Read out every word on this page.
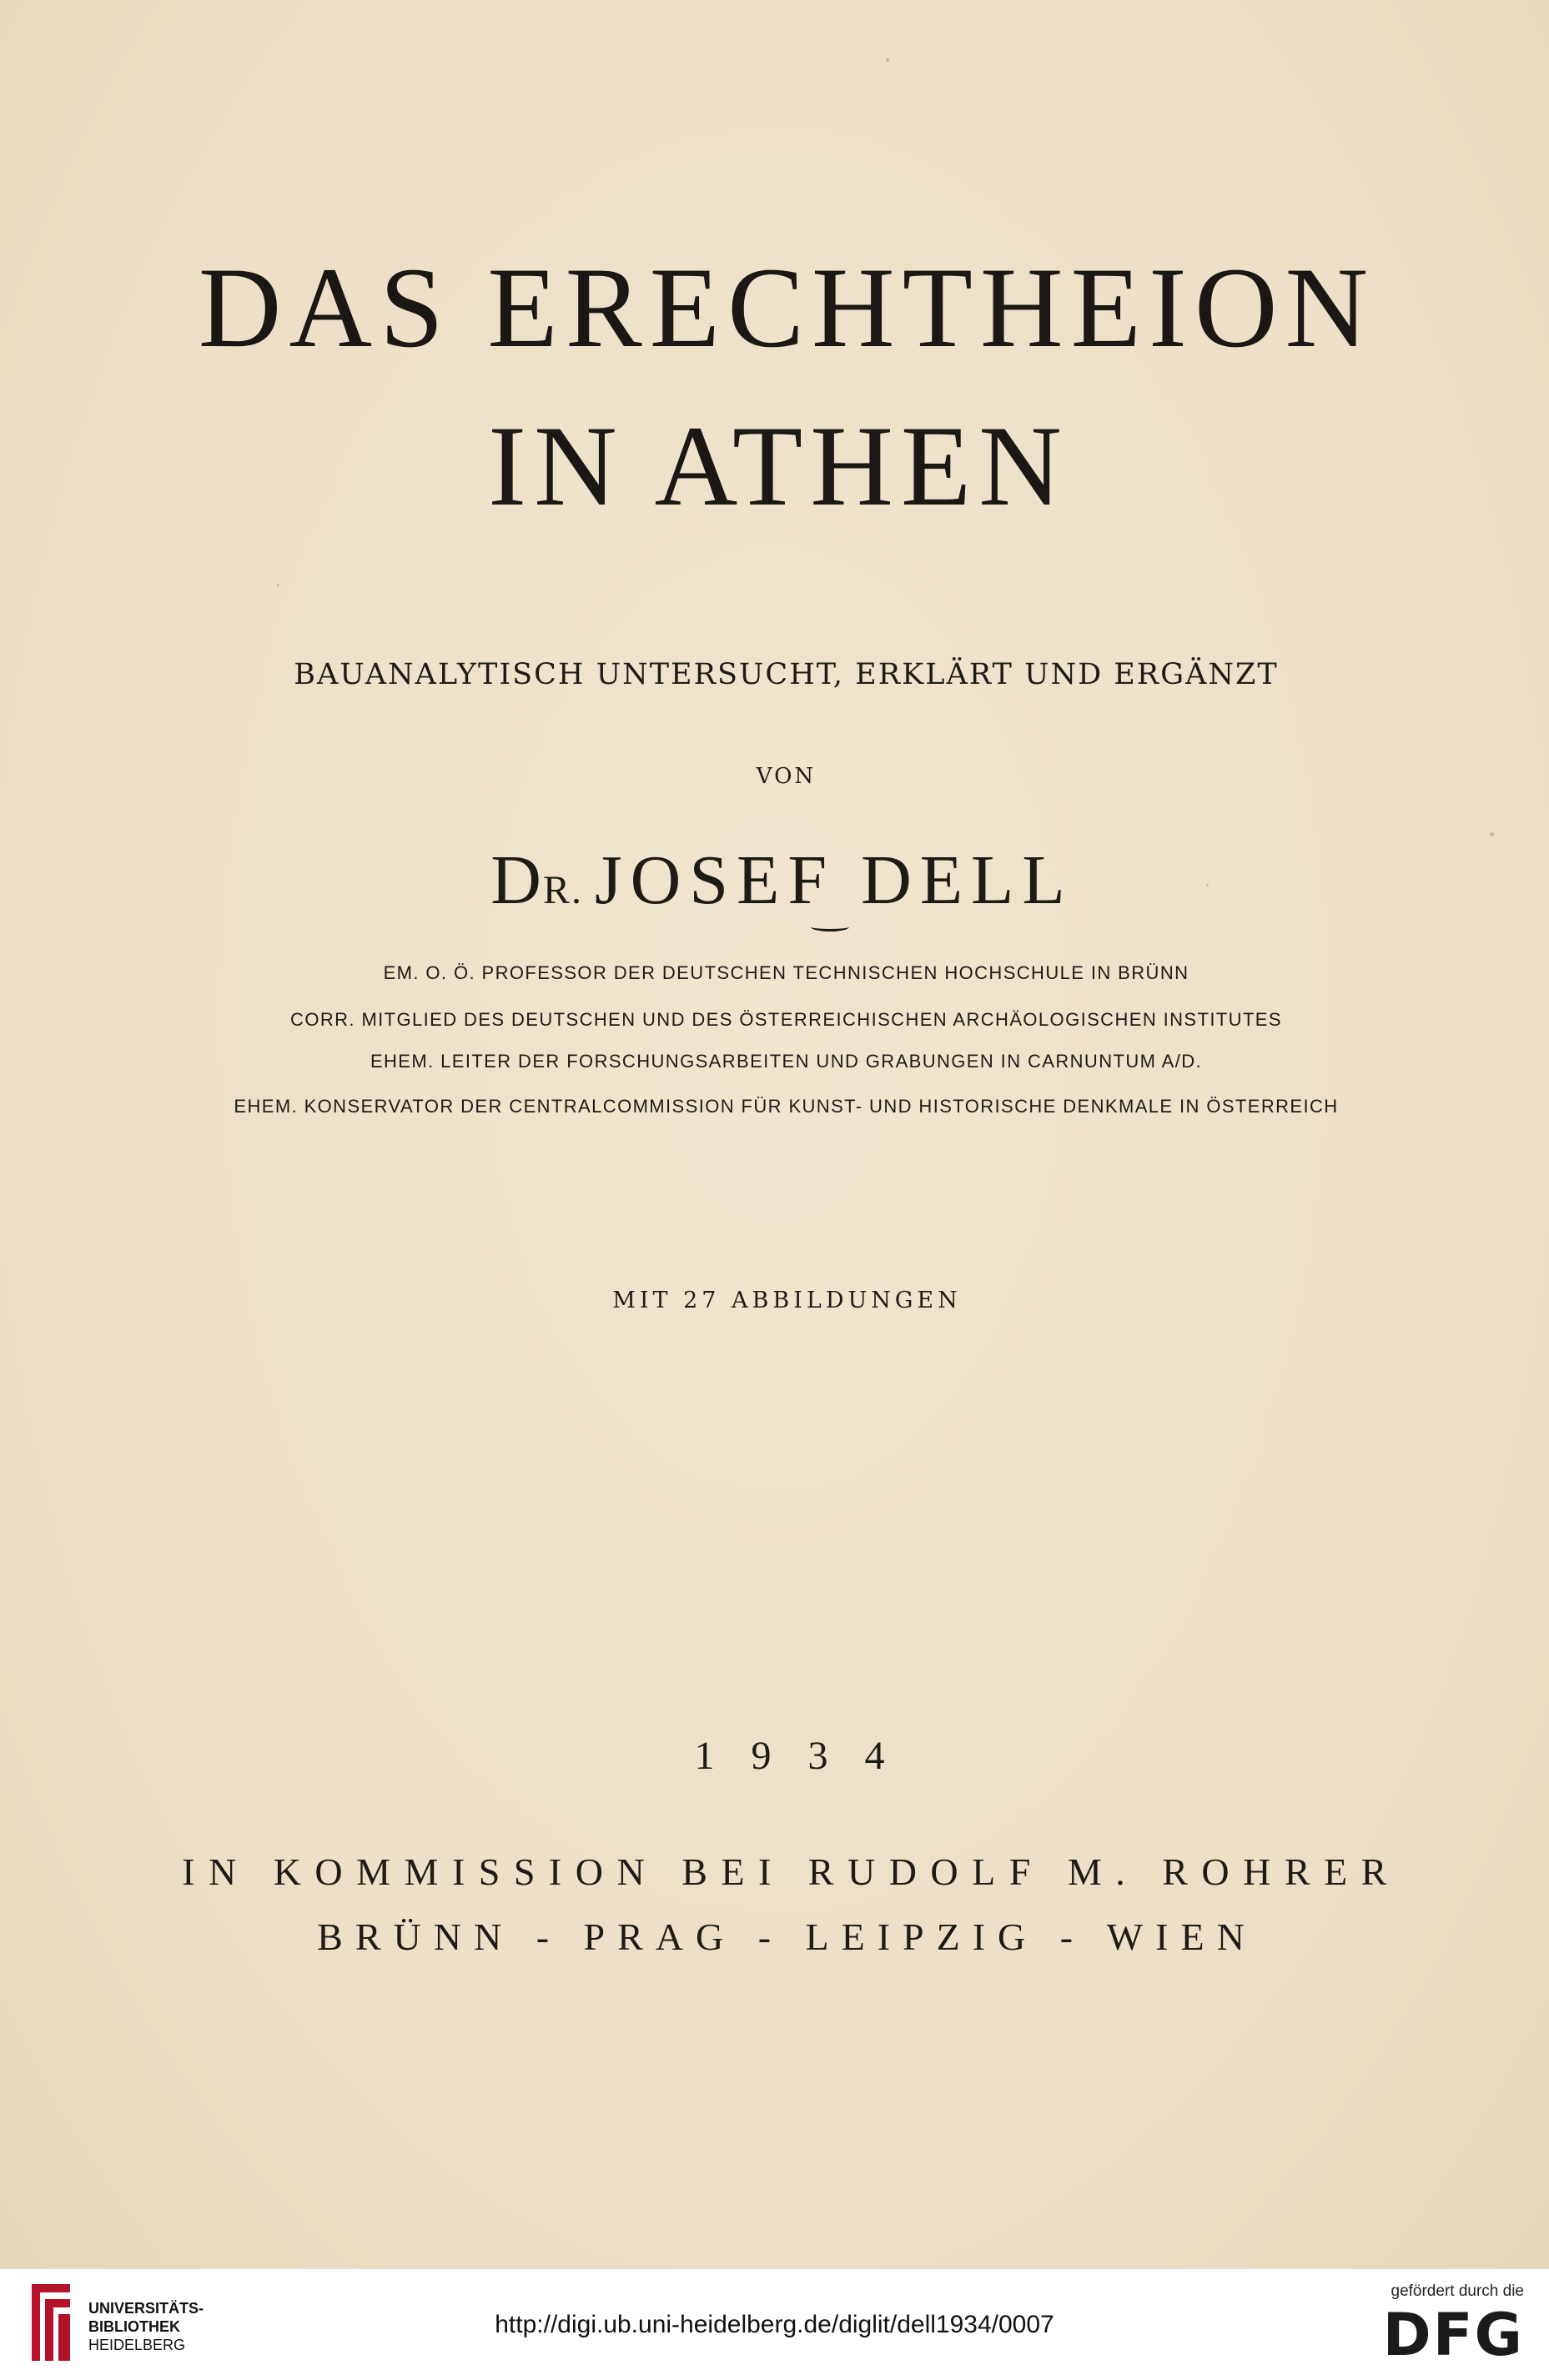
DAS ERECHTHEION
IN ATHEN
BAUANALYTISCH UNTERSUCHT, ERKLÄRT UND ERGÄNZT
VON
DR. JOSEF DELL
EM. O. Ö. PROFESSOR DER DEUTSCHEN TECHNISCHEN HOCHSCHULE IN BRÜNN
CORR. MITGLIED DES DEUTSCHEN UND DES ÖSTERREICHISCHEN ARCHÄOLOGISCHEN INSTITUTES
EHEM. LEITER DER FORSCHUNGSARBEITEN UND GRABUNGEN IN CARNUNTUM A/D.
EHEM. KONSERVATOR DER CENTRALCOMMISSION FÜR KUNST- UND HISTORISCHE DENKMALE IN ÖSTERREICH
MIT 27 ABBILDUNGEN
1934
IN KOMMISSION BEI RUDOLF M. ROHRER
BRÜNN - PRAG - LEIPZIG - WIEN
UNIVERSITÄTS-
BIBLIOTHEK
HEIDELBERG
http://digi.ub.uni-heidelberg.de/diglit/dell1934/0007
gefördert durch die
DFG
